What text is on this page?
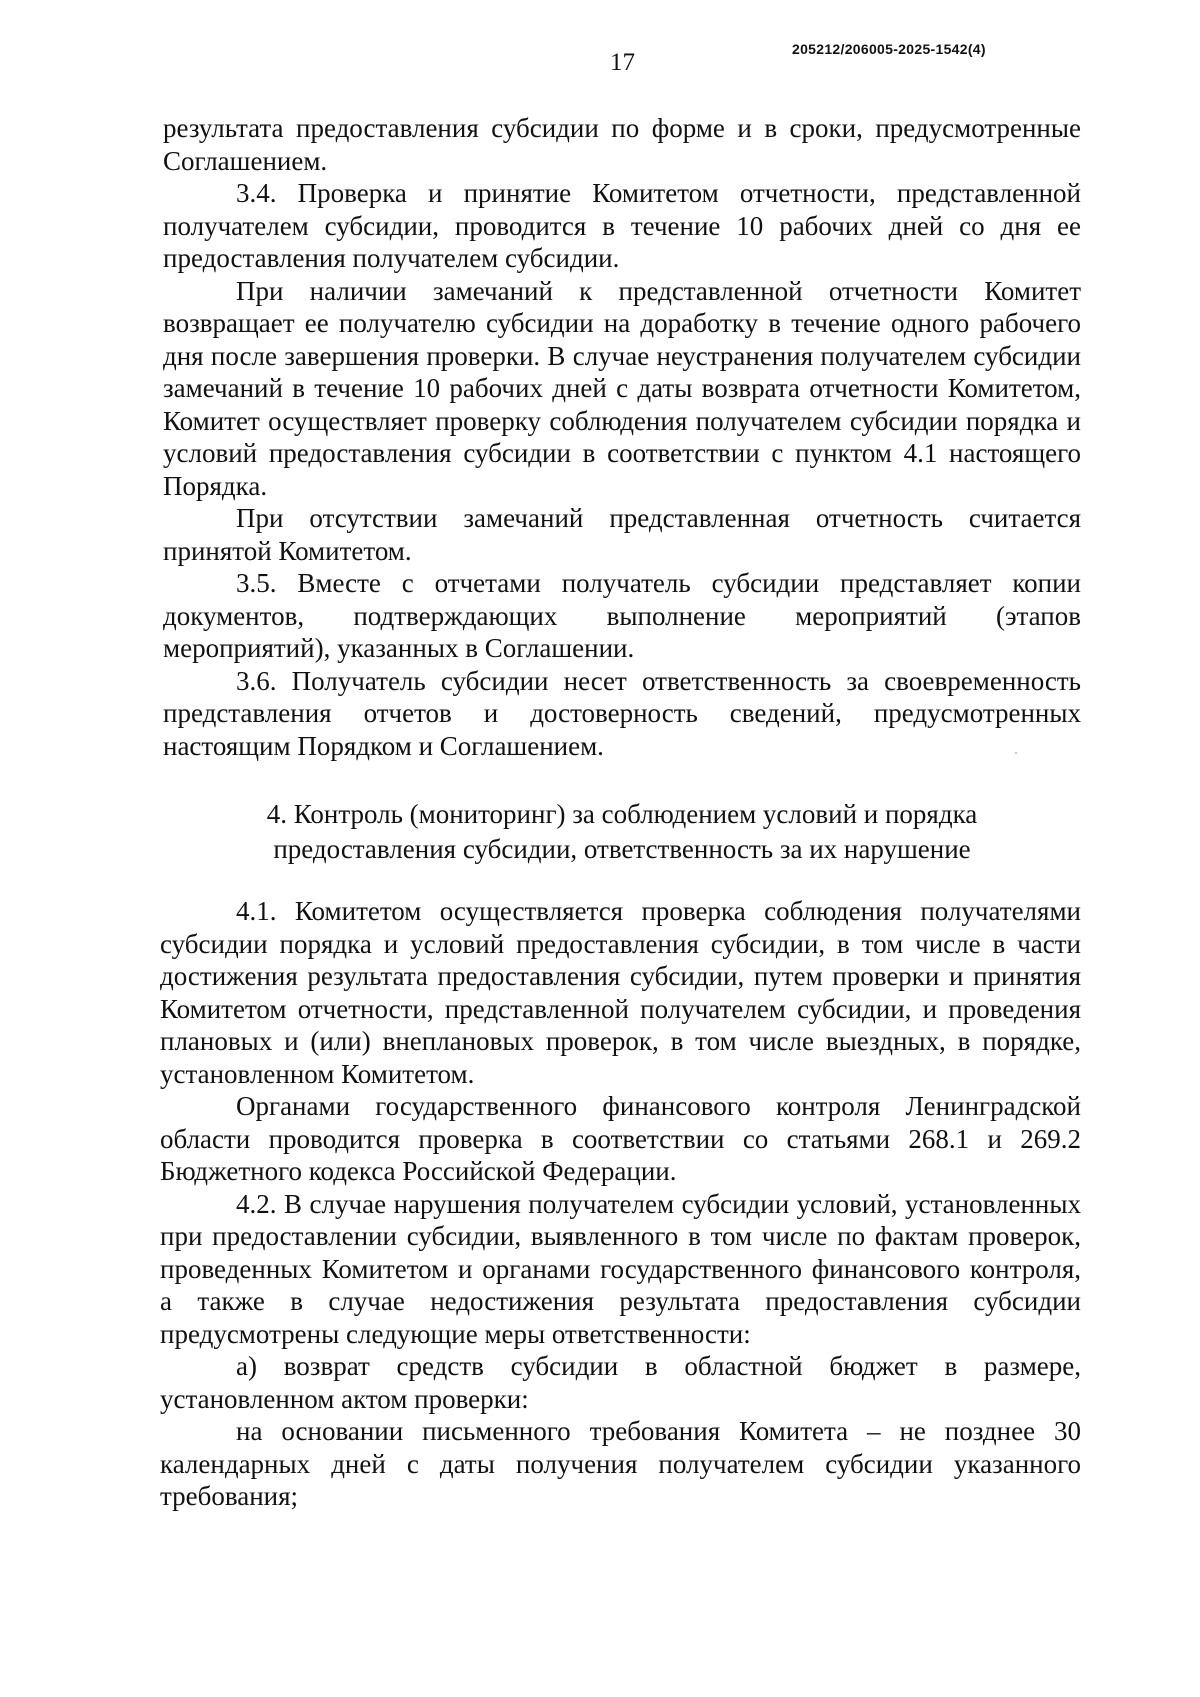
17	205212/206005-2025-1542(4)

результата предоставления субсидии по форме и в сроки, предусмотренные Соглашением.

3.4. Проверка и принятие Комитетом отчетности, представленной получателем субсидии, проводится в течение 10 рабочих дней со дня ее предоставления получателем субсидии.

При наличии замечаний к представленной отчетности Комитет возвращает ее получателю субсидии на доработку в течение одного рабочего дня после завершения проверки. В случае неустранения получателем субсидии замечаний в течение 10 рабочих дней с даты возврата отчетности Комитетом, Комитет осуществляет проверку соблюдения получателем субсидии порядка и условий предоставления субсидии в соответствии с пунктом 4.1 настоящего Порядка.

При отсутствии замечаний представленная отчетность считается принятой Комитетом.

3.5. Вместе с отчетами получатель субсидии представляет копии документов, подтверждающих выполнение мероприятий (этапов мероприятий), указанных в Соглашении.

3.6. Получатель субсидии несет ответственность за своевременность представления отчетов и достоверность сведений, предусмотренных настоящим Порядком и Соглашением.

4. Контроль (мониторинг) за соблюдением условий и порядка
предоставления субсидии, ответственность за их нарушение

4.1. Комитетом осуществляется проверка соблюдения получателями субсидии порядка и условий предоставления субсидии, в том числе в части достижения результата предоставления субсидии, путем проверки и принятия Комитетом отчетности, представленной получателем субсидии, и проведения плановых и (или) внеплановых проверок, в том числе выездных, в порядке, установленном Комитетом.

Органами государственного финансового контроля Ленинградской области проводится проверка в соответствии со статьями 268.1 и 269.2 Бюджетного кодекса Российской Федерации.

4.2. В случае нарушения получателем субсидии условий, установленных при предоставлении субсидии, выявленного в том числе по фактам проверок, проведенных Комитетом и органами государственного финансового контроля, а также в случае недостижения результата предоставления субсидии предусмотрены следующие меры ответственности:

а) возврат средств субсидии в областной бюджет в размере, установленном актом проверки:

на основании письменного требования Комитета – не позднее 30 календарных дней с даты получения получателем субсидии указанного требования;
